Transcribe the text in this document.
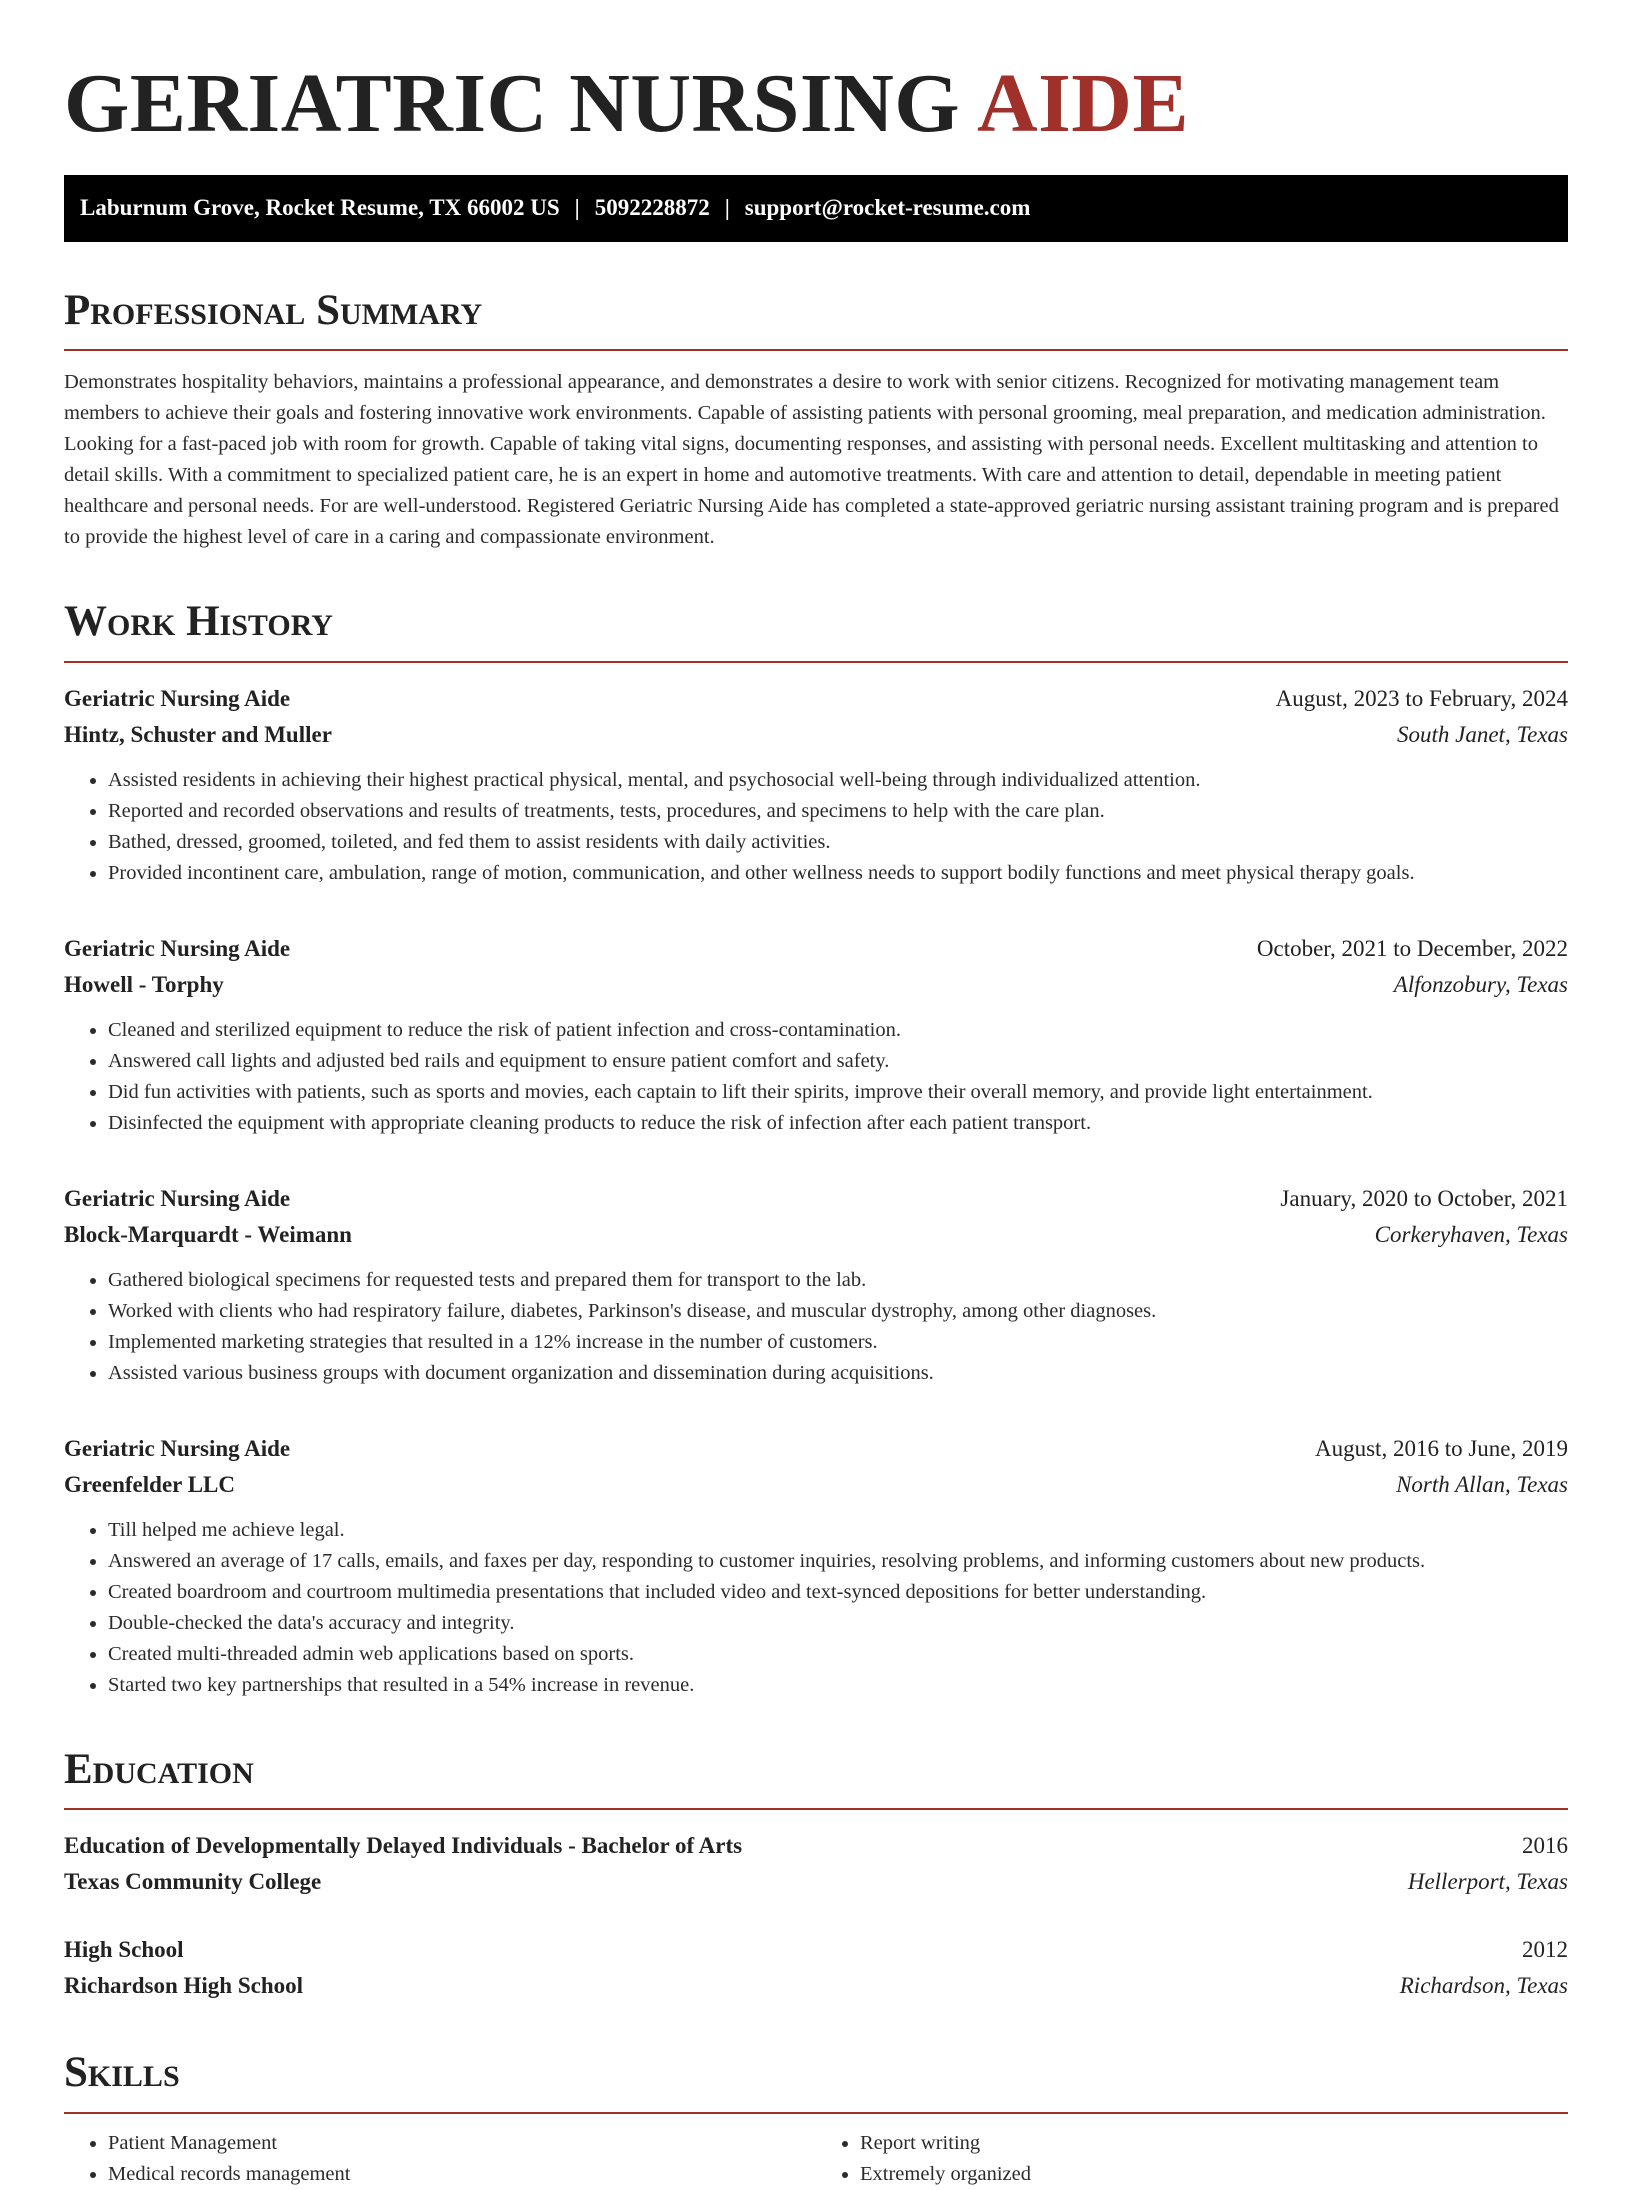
GERIATRIC NURSING AIDE
Laburnum Grove, Rocket Resume, TX 66002 US | 5092228872 | support@rocket-resume.com
Professional Summary

Demonstrates hospitality behaviors, maintains a professional appearance, and demonstrates a desire to work with senior citizens. Recognized for motivating management team members to achieve their goals and fostering innovative work environments. Capable of assisting patients with personal grooming, meal preparation, and medication administration. Looking for a fast-paced job with room for growth. Capable of taking vital signs, documenting responses, and assisting with personal needs. Excellent multitasking and attention to detail skills. With a commitment to specialized patient care, he is an expert in home and automotive treatments. With care and attention to detail, dependable in meeting patient healthcare and personal needs. For are well-understood. Registered Geriatric Nursing Aide has completed a state-approved geriatric nursing assistant training program and is prepared to provide the highest level of care in a caring and compassionate environment.

Work History
Geriatric Nursing Aide	August, 2023 to February, 2024
Hintz, Schuster and Muller	South Janet, Texas
• Assisted residents in achieving their highest practical physical, mental, and psychosocial well-being through individualized attention.
• Reported and recorded observations and results of treatments, tests, procedures, and specimens to help with the care plan.
• Bathed, dressed, groomed, toileted, and fed them to assist residents with daily activities.
• Provided incontinent care, ambulation, range of motion, communication, and other wellness needs to support bodily functions and meet physical therapy goals.
Geriatric Nursing Aide	October, 2021 to December, 2022
Howell - Torphy	Alfonzobury, Texas
• Cleaned and sterilized equipment to reduce the risk of patient infection and cross-contamination.
• Answered call lights and adjusted bed rails and equipment to ensure patient comfort and safety.
• Did fun activities with patients, such as sports and movies, each captain to lift their spirits, improve their overall memory, and provide light entertainment.
• Disinfected the equipment with appropriate cleaning products to reduce the risk of infection after each patient transport.
Geriatric Nursing Aide	January, 2020 to October, 2021
Block-Marquardt - Weimann	Corkeryhaven, Texas
• Gathered biological specimens for requested tests and prepared them for transport to the lab.
• Worked with clients who had respiratory failure, diabetes, Parkinson's disease, and muscular dystrophy, among other diagnoses.
• Implemented marketing strategies that resulted in a 12% increase in the number of customers.
• Assisted various business groups with document organization and dissemination during acquisitions.
Geriatric Nursing Aide	August, 2016 to June, 2019
Greenfelder LLC	North Allan, Texas
• Till helped me achieve legal.
• Answered an average of 17 calls, emails, and faxes per day, responding to customer inquiries, resolving problems, and informing customers about new products.
• Created boardroom and courtroom multimedia presentations that included video and text-synced depositions for better understanding.
• Double-checked the data's accuracy and integrity.
• Created multi-threaded admin web applications based on sports.
• Started two key partnerships that resulted in a 54% increase in revenue.
Education
Education of Developmentally Delayed Individuals - Bachelor of Arts	2016
Texas Community College	Hellerport, Texas
High School	2012
Richardson High School	Richardson, Texas
Skills
• Patient Management
• Medical records management
• Report writing
• Extremely organized
